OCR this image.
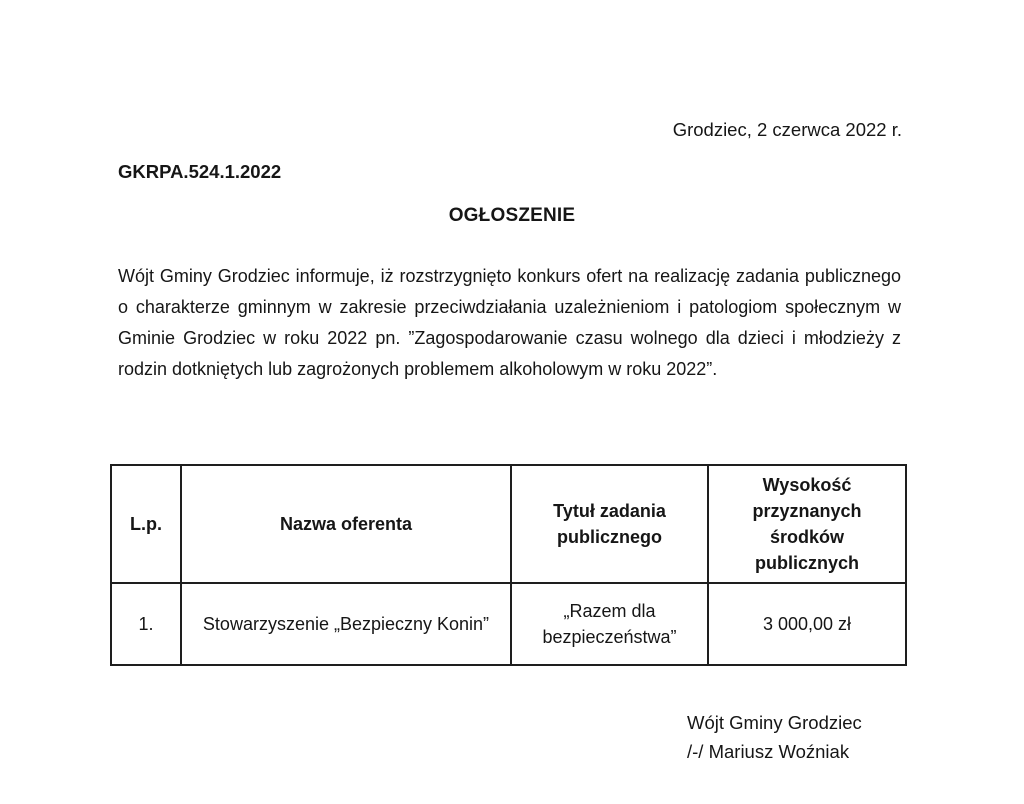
Grodziec, 2 czerwca 2022 r.
GKRPA.524.1.2022
OGŁOSZENIE

Wójt Gminy Grodziec informuje, iż rozstrzygnięto konkurs ofert na realizację zadania publicznego o charakterze gminnym w zakresie przeciwdziałania uzależnieniom i patologiom społecznym w Gminie Grodziec w roku 2022 pn. ”Zagospodarowanie czasu wolnego dla dzieci i młodzieży z rodzin dotkniętych lub zagrożonych problemem alkoholowym w roku 2022”.

L.p.	Nazwa oferenta	Tytuł zadania publicznego	Wysokość przyznanych środków publicznych
1.	Stowarzyszenie „Bezpieczny Konin”	„Razem dla bezpieczeństwa”	3 000,00 zł
Wójt Gminy Grodziec
/-/ Mariusz Woźniak
